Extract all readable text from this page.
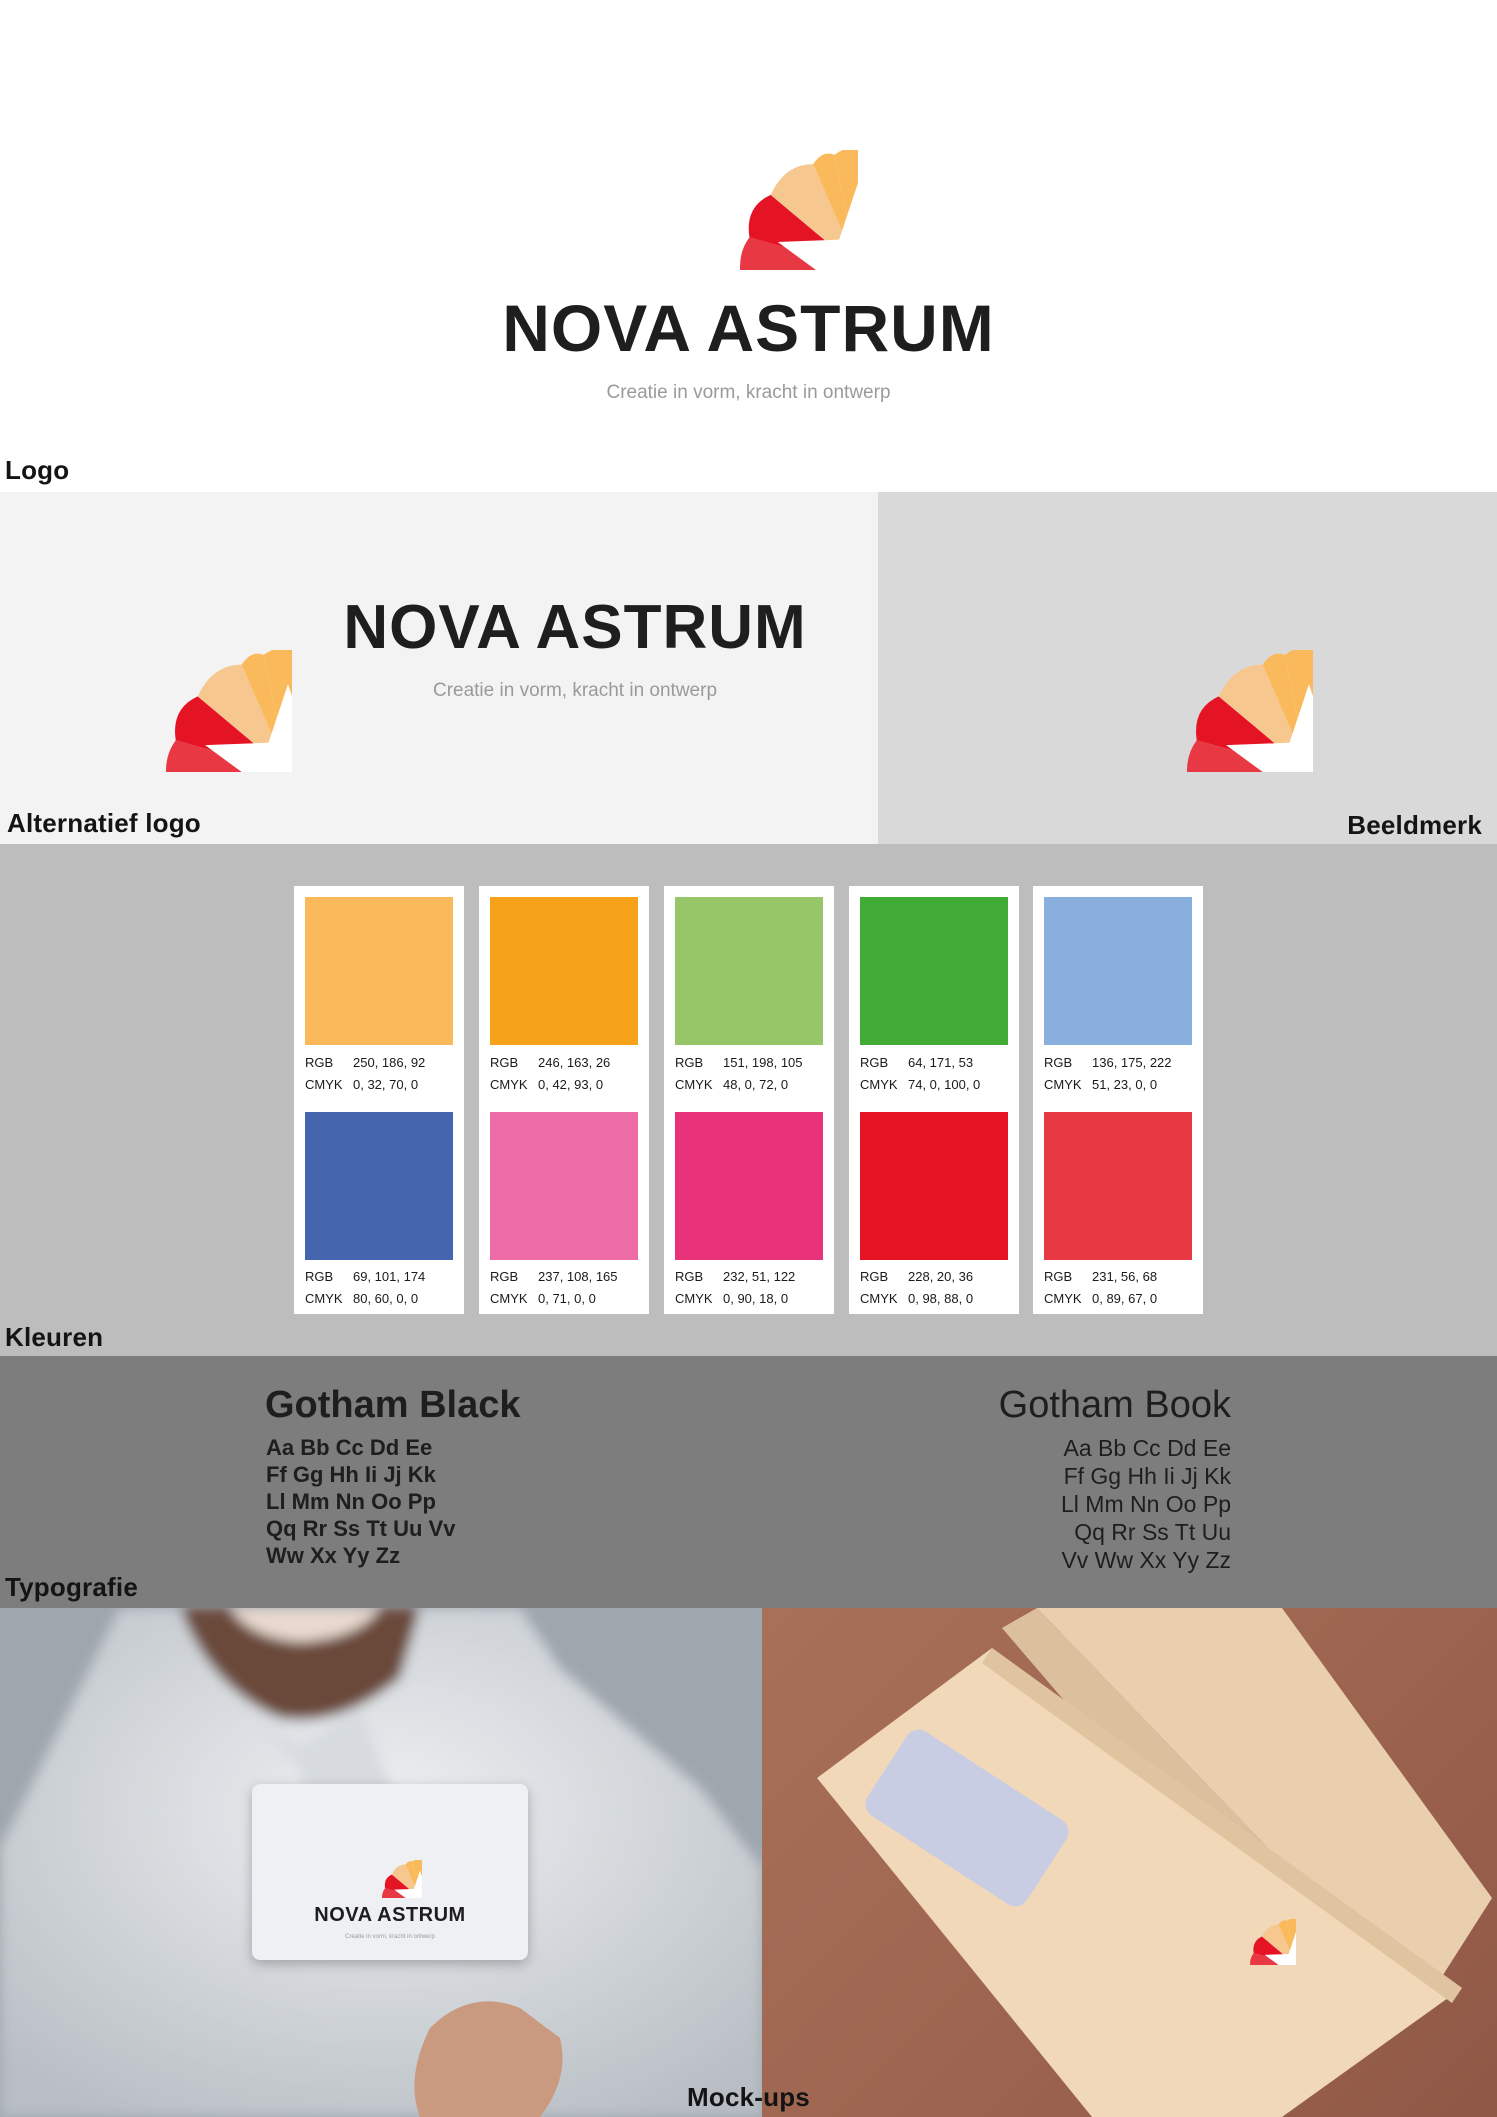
NOVA ASTRUM
Creatie in vorm, kracht in ontwerp
Logo
NOVA ASTRUM
Creatie in vorm, kracht in ontwerp
Alternatief logo	Beeldmerk
RGB	250, 186, 92
CMYK 0, 32, 70, 0
RGB	69, 101, 174
CMYK 80, 60, 0, 0
RGB	246, 163, 26
CMYK 0, 42, 93, 0
RGB	237, 108, 165
CMYK 0, 71, 0, 0
RGB	151, 198, 105
CMYK 48, 0, 72, 0
RGB	232, 51, 122
CMYK 0, 90, 18, 0
RGB	64, 171, 53
CMYK 74, 0, 100, 0
RGB	228, 20, 36
CMYK 0, 98, 88, 0
RGB	136, 175, 222
CMYK 51, 23, 0, 0
RGB	231, 56, 68
CMYK 0, 89, 67, 0
Kleuren
Gotham Black
Aa Bb Cc Dd Ee
Ff Gg Hh Ii Jj Kk
Ll Mm Nn Oo Pp
Qq Rr Ss Tt Uu Vv
Ww Xx Yy Zz
Gotham Book
Aa Bb Cc Dd Ee
Ff Gg Hh Ii Jj Kk
Ll Mm Nn Oo Pp
Qq Rr Ss Tt Uu
Vv Ww Xx Yy Zz
Typografie
NOVA ASTRUM
Creatie in vorm, kracht in ontwerp
Mock-ups
